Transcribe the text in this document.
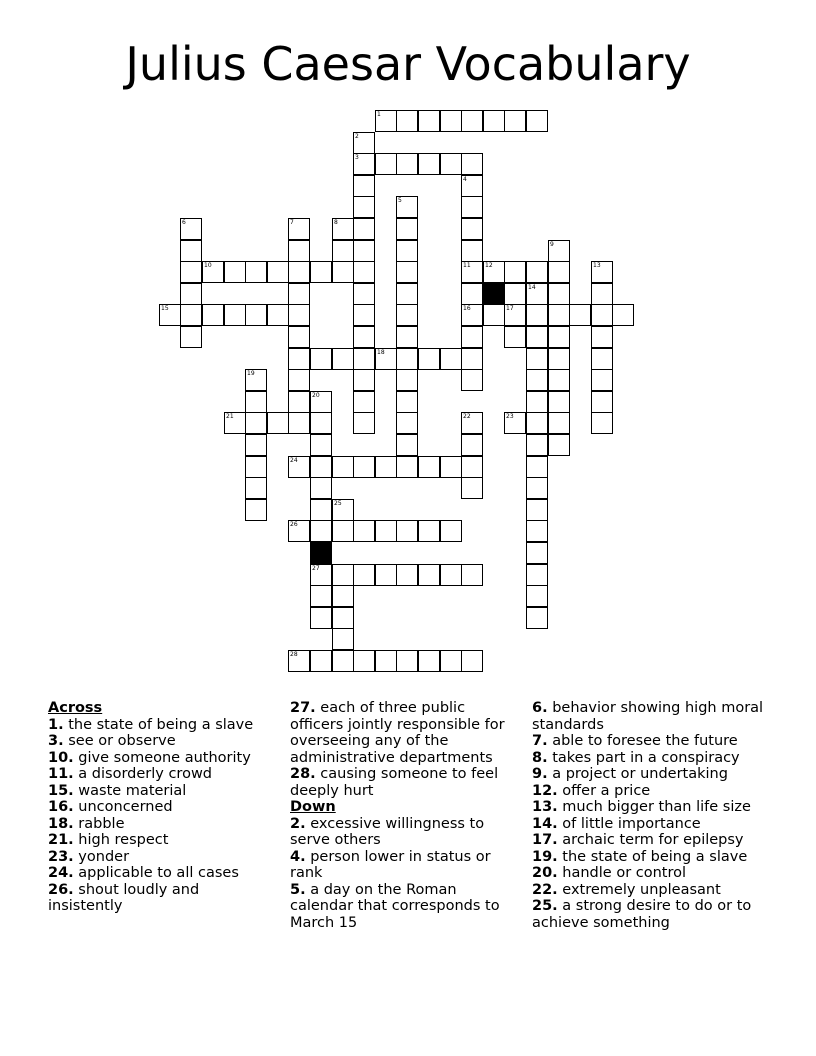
Julius Caesar Vocabulary
1
2
3
4
5
6	7	8
9
10	11 12	13
14
15	16	17
18
19
20
21	22	23
24
25
26
27
28
Across
1. the state of being a slave
3. see or observe
10. give someone authority
11. a disorderly crowd
15. waste material
16. unconcerned
18. rabble
21. high respect
23. yonder
24. applicable to all cases
26. shout loudly and insistently
27. each of three public officers jointly responsible for overseeing any of the administrative departments
28. causing someone to feel deeply hurt
Down
2. excessive willingness to serve others
4. person lower in status or rank
5. a day on the Roman calendar that corresponds to March 15
6. behavior showing high moral standards
7. able to foresee the future
8. takes part in a conspiracy
9. a project or undertaking
12. offer a price
13. much bigger than life size
14. of little importance
17. archaic term for epilepsy
19. the state of being a slave
20. handle or control
22. extremely unpleasant
25. a strong desire to do or to achieve something
